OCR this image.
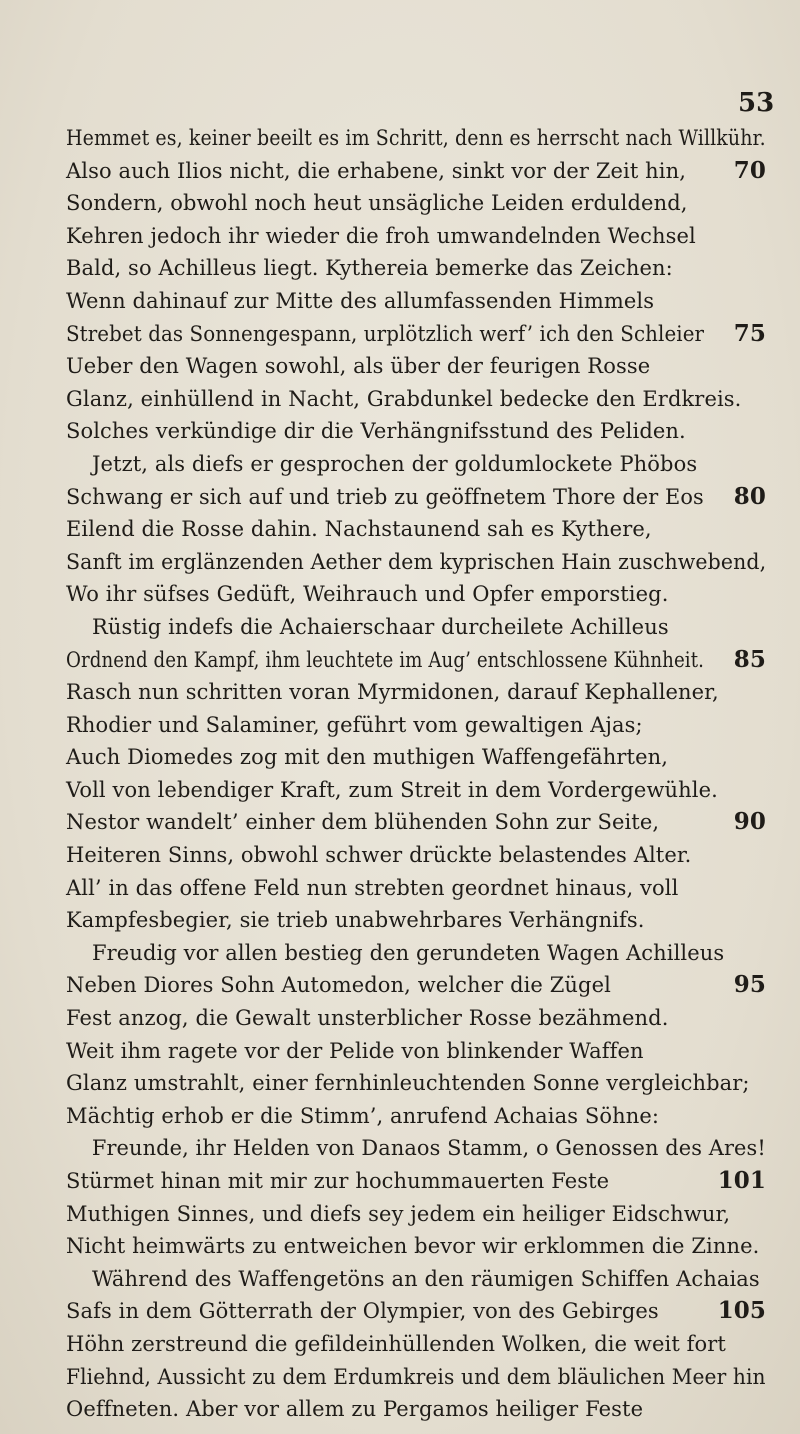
53
Hemmet es, keiner beeilt es im Schritt, denn es herrscht nach Willkühr.
Also auch Ilios nicht, die erhabene, sinkt vor der Zeit hin, 70
Sondern, obwohl noch heut unsägliche Leiden erduldend,
Kehren jedoch ihr wieder die froh umwandelnden Wechsel
Bald, so Achilleus liegt. Kythereia bemerke das Zeichen:
Wenn dahinauf zur Mitte des allumfassenden Himmels
Strebet das Sonnengespann, urplötzlich werf’ ich den Schleier 75
Ueber den Wagen sowohl, als über der feurigen Rosse
Glanz, einhüllend in Nacht, Grabdunkel bedecke den Erdkreis.
Solches verkündige dir die Verhängnifsstund des Peliden.
Jetzt, als diefs er gesprochen der goldumlockete Phöbos
Schwang er sich auf und trieb zu geöffnetem Thore der Eos 80
Eilend die Rosse dahin. Nachstaunend sah es Kythere,
Sanft im erglänzenden Aether dem kyprischen Hain zuschwebend,
Wo ihr süfses Gedüft, Weihrauch und Opfer emporstieg.
Rüstig indefs die Achaierschaar durcheilete Achilleus
Ordnend den Kampf, ihm leuchtete im Aug’ entschlossene Kühnheit. 85
Rasch nun schritten voran Myrmidonen, darauf Kephallener,
Rhodier und Salaminer, geführt vom gewaltigen Ajas;
Auch Diomedes zog mit den muthigen Waffengefährten,
Voll von lebendiger Kraft, zum Streit in dem Vordergewühle.
Nestor wandelt’ einher dem blühenden Sohn zur Seite,	90
Heiteren Sinns, obwohl schwer drückte belastendes Alter.
All’ in das offene Feld nun strebten geordnet hinaus, voll
Kampfesbegier, sie trieb unabwehrbares Verhängnifs.
Freudig vor allen bestieg den gerundeten Wagen Achilleus
Neben Diores Sohn Automedon, welcher die Zügel	95
Fest anzog, die Gewalt unsterblicher Rosse bezähmend.
Weit ihm ragete vor der Pelide von blinkender Waffen
Glanz umstrahlt, einer fernhinleuchtenden Sonne vergleichbar;
Mächtig erhob er die Stimm’, anrufend Achaias Söhne:
Freunde, ihr Helden von Danaos Stamm, o Genossen des Ares!
Stürmet hinan mit mir zur hochummauerten Feste	101
Muthigen Sinnes, und diefs sey jedem ein heiliger Eidschwur,
Nicht heimwärts zu entweichen bevor wir erklommen die Zinne.
Während des Waffengetöns an den räumigen Schiffen Achaias
Safs in dem Götterrath der Olympier, von des Gebirges	105
Höhn zerstreund die gefildeinhüllenden Wolken, die weit fort
Fliehnd, Aussicht zu dem Erdumkreis und dem bläulichen Meer hin
Oeffneten. Aber vor allem zu Pergamos heiliger Feste
